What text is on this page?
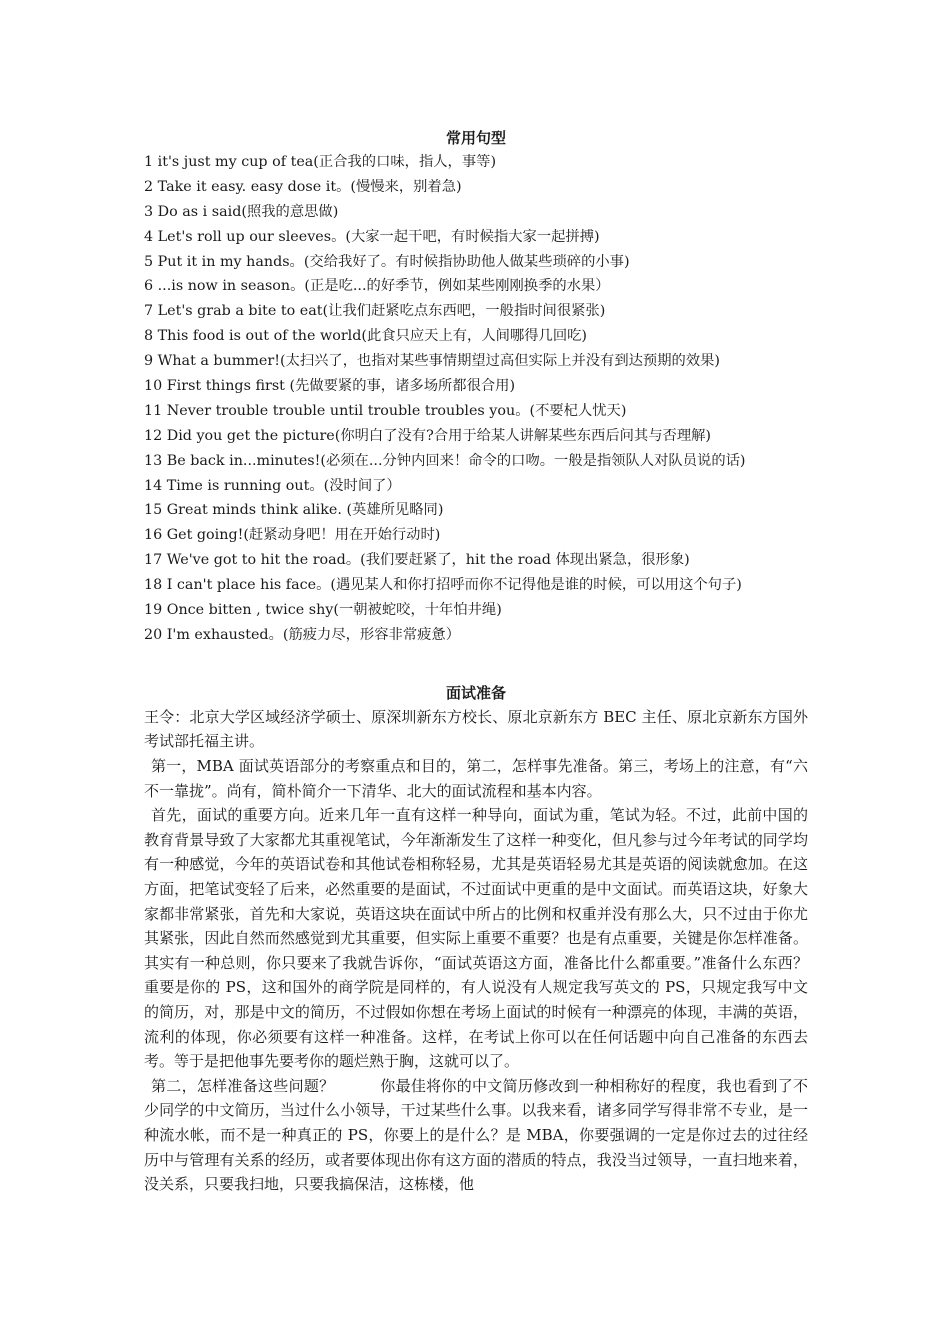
常用句型
1 it's just my cup of tea(正合我的口味，指人，事等)
2 Take it easy. easy dose it。(慢慢来，别着急)
3 Do as i said(照我的意思做)
4 Let's roll up our sleeves。(大家一起干吧，有时候指大家一起拼搏)
5 Put it in my hands。(交给我好了。有时候指协助他人做某些琐碎的小事)
6 ...is now in season。(正是吃...的好季节，例如某些刚刚换季的水果）
7 Let's grab a bite to eat(让我们赶紧吃点东西吧，一般指时间很紧张)
8 This food is out of the world(此食只应天上有，人间哪得几回吃)
9 What a bummer!(太扫兴了，也指对某些事情期望过高但实际上并没有到达预期的效果)
10 First things first (先做要紧的事，诸多场所都很合用)
11 Never trouble trouble until trouble troubles you。(不要杞人忧天)
12 Did you get the picture(你明白了没有?合用于给某人讲解某些东西后问其与否理解)
13 Be back in...minutes!(必须在...分钟内回来！命令的口吻。一般是指领队人对队员说的话)
14 Time is running out。(没时间了）
15 Great minds think alike. (英雄所见略同)
16 Get going!(赶紧动身吧！用在开始行动时)
17 We've got to hit the road。(我们要赶紧了，hit the road 体现出紧急，很形象)
18 I can't place his face。(遇见某人和你打招呼而你不记得他是谁的时候，可以用这个句子)
19 Once bitten , twice shy(一朝被蛇咬，十年怕井绳)
20 I'm exhausted。(筋疲力尽，形容非常疲惫）
面试准备

王令：北京大学区域经济学硕士、原深圳新东方校长、原北京新东方 BEC 主任、原北京新东方国外考试部托福主讲。

第一，MBA 面试英语部分的考察重点和目的，第二，怎样事先准备。第三，考场上的注意，有“六不一靠拢”。尚有，简朴简介一下清华、北大的面试流程和基本内容。

首先，面试的重要方向。近来几年一直有这样一种导向，面试为重，笔试为轻。不过，此前中国的教育背景导致了大家都尤其重视笔试，今年渐渐发生了这样一种变化，但凡参与过今年考试的同学均有一种感觉，今年的英语试卷和其他试卷相称轻易，尤其是英语轻易尤其是英语的阅读就愈加。在这方面，把笔试变轻了后来，必然重要的是面试，不过面试中更重的是中文面试。而英语这块，好象大家都非常紧张，首先和大家说，英语这块在面试中所占的比例和权重并没有那么大，只不过由于你尤其紧张，因此自然而然感觉到尤其重要，但实际上重要不重要？也是有点重要，关键是你怎样准备。其实有一种总则，你只要来了我就告诉你，“面试英语这方面，准备比什么都重要。”准备什么东西？重要是你的 PS，这和国外的商学院是同样的，有人说没有人规定我写英文的 PS，只规定我写中文的简历，对，那是中文的简历，不过假如你想在考场上面试的时候有一种漂亮的体现，丰满的英语，流利的体现，你必须要有这样一种准备。这样，在考试上你可以在任何话题中向自己准备的东西去考。等于是把他事先要考你的题烂熟于胸，这就可以了。

第二，怎样准备这些问题？　　　你最佳将你的中文简历修改到一种相称好的程度，我也看到了不少同学的中文简历，当过什么小领导，干过某些什么事。以我来看，诸多同学写得非常不专业，是一种流水帐，而不是一种真正的 PS，你要上的是什么？是 MBA，你要强调的一定是你过去的过往经历中与管理有关系的经历，或者要体现出你有这方面的潜质的特点，我没当过领导，一直扫地来着，没关系，只要我扫地，只要我搞保洁，这栋楼，他
